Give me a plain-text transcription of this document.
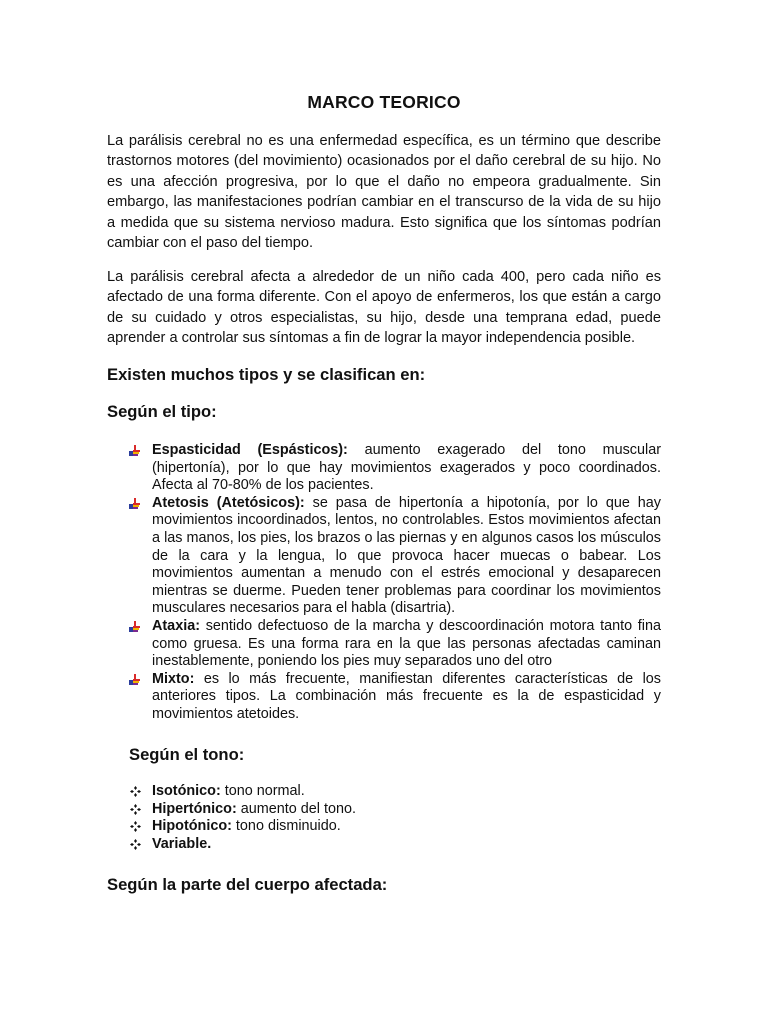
MARCO TEORICO

La parálisis cerebral no es una enfermedad específica, es un término que describe trastornos motores (del movimiento) ocasionados por el daño cerebral de su hijo. No es una afección progresiva, por lo que el daño no empeora gradualmente. Sin embargo, las manifestaciones podrían cambiar en el transcurso de la vida de su hijo a medida que su sistema nervioso madura. Esto significa que los síntomas podrían cambiar con el paso del tiempo.

La parálisis cerebral afecta a alrededor de un niño cada 400, pero cada niño es afectado de una forma diferente. Con el apoyo de enfermeros, los que están a cargo de su cuidado y otros especialistas, su hijo, desde una temprana edad, puede aprender a controlar sus síntomas a fin de lograr la mayor independencia posible.

Existen muchos tipos y se clasifican en:
Según el tipo:
Espasticidad (Espásticos): aumento exagerado del tono muscular (hipertonía), por lo que hay movimientos exagerados y poco coordinados. Afecta al 70-80% de los pacientes.
Atetosis (Atetósicos): se pasa de hipertonía a hipotonía, por lo que hay movimientos incoordinados, lentos, no controlables. Estos movimientos afectan a las manos, los pies, los brazos o las piernas y en algunos casos los músculos de la cara y la lengua, lo que provoca hacer muecas o babear. Los movimientos aumentan a menudo con el estrés emocional y desaparecen mientras se duerme. Pueden tener problemas para coordinar los movimientos musculares necesarios para el habla (disartria).
Ataxia: sentido defectuoso de la marcha y descoordinación motora tanto fina como gruesa. Es una forma rara en la que las personas afectadas caminan inestablemente, poniendo los pies muy separados uno del otro
Mixto: es lo más frecuente, manifiestan diferentes características de los anteriores tipos. La combinación más frecuente es la de espasticidad y movimientos atetoides.
Según el tono:
Isotónico: tono normal.
Hipertónico: aumento del tono.
Hipotónico: tono disminuido.
Variable.
Según la parte del cuerpo afectada:
